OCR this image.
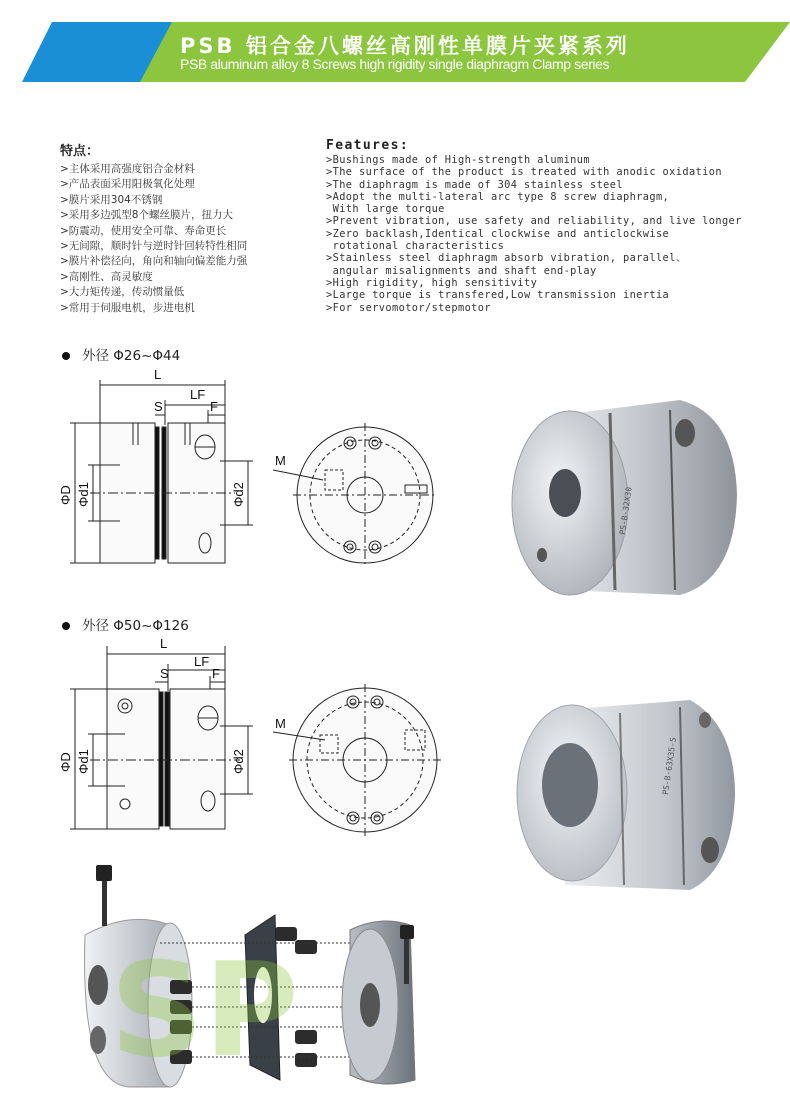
SP R
PSB 铝合金八螺丝高刚性单膜片夹紧系列
PSB aluminum alloy 8 Screws high rigidity single diaphragm Clamp series
特点：
>主体采用高强度铝合金材料
>产品表面采用阳极氧化处理
>膜片采用304不锈钢
>采用多边弧型8个螺丝膜片，扭力大
>防震动，使用安全可靠、寿命更长
>无间隙，顺时针与逆时针回转特性相同
>膜片补偿径向，角向和轴向偏差能力强
>高刚性、高灵敏度
>大力矩传递，传动惯量低
>常用于伺服电机，步进电机
Features:
>Bushings made of High-strength aluminum
>The surface of the product is treated with anodic oxidation
>The diaphragm is made of 304 stainless steel
>Adopt the multi-lateral arc type 8 screw diaphragm,
With large torque
>Prevent vibration, use safety and reliability, and live longer
>Zero backlash,Identical clockwise and anticlockwise
rotational characteristics
>Stainless steel diaphragm absorb vibration, parallel、
angular misalignments and shaft end-play
>High rigidity, high sensitivity
>Large torque is transfered,Low transmission inertia
>For servomotor/stepmotor
外径 Φ26~Φ44
L
LF
S	F
ΦD Φd1	Φd2
M
PS-B-32X30
外径 Φ50~Φ126
L
LF
S	F
ΦD Φd1	Φd2
M
PS-B-63X35-5
SP
